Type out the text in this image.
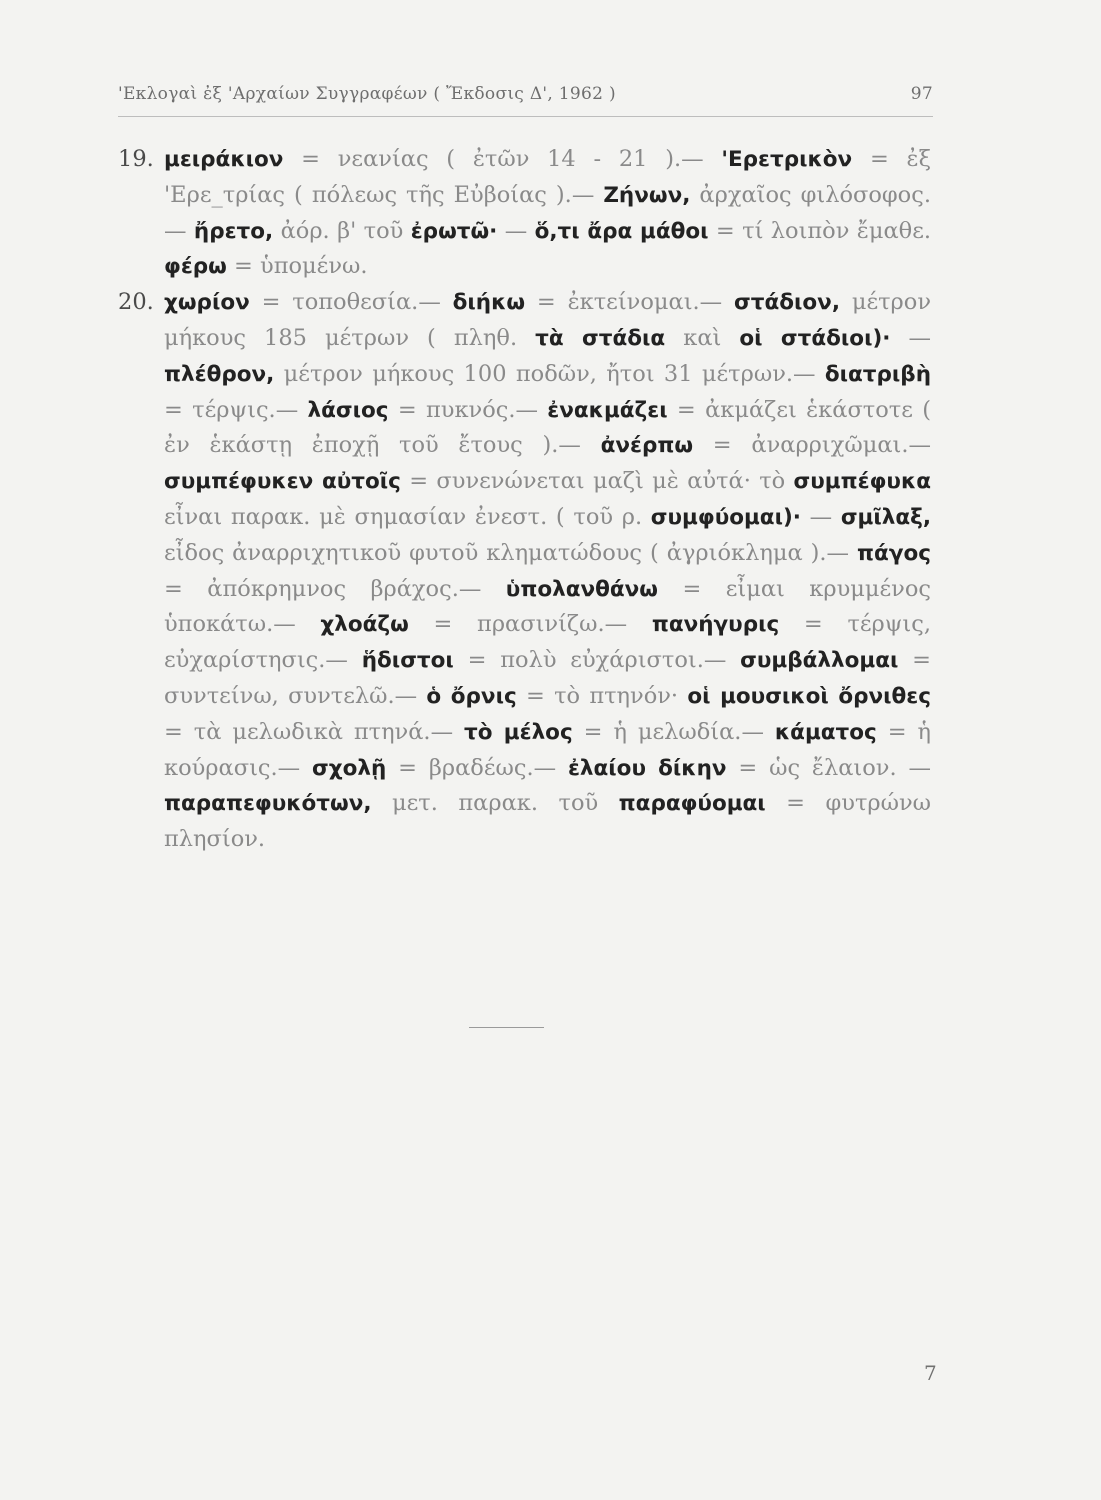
'Εκλογαὶ ἐξ 'Αρχαίων Συγγραφέων ( Ἔκδοσις Δ', 1962 )	97

19. μειράκιον = νεανίας ( ἐτῶν 14 - 21 ).— 'Ερετρικὸν = ἐξ 'Ερε_τρίας ( πόλεως τῆς Εὐβοίας ).— Ζήνων, ἀρχαῖος φιλόσοφος.— ἤρετο, ἀόρ. β' τοῦ ἐρωτῶ· — ὅ,τι ἄρα μάθοι = τί λοιπὸν ἔμαθε. φέρω = ὑπομένω.

20. χωρίον = τοποθεσία.— διήκω = ἐκτείνομαι.— στάδιον, μέτρον μήκους 185 μέτρων ( πληθ. τὰ στάδια καὶ οἱ στάδιοι)· — πλέθρον, μέτρον μήκους 100 ποδῶν, ἤτοι 31 μέτρων.— διατριβὴ = τέρψις.— λάσιος = πυκνός.— ἐνακμάζει = ἀκμάζει ἑκάστοτε ( ἐν ἑκάστῃ ἐποχῇ τοῦ ἔτους ).— ἀνέρπω = ἀναρριχῶμαι.— συμπέφυκεν αὐτοῖς = συνενώνεται μαζὶ μὲ αὐτά· τὸ συμπέφυκα εἶναι παρακ. μὲ σημασίαν ἐνεστ. ( τοῦ ρ. συμφύομαι)· — σμῖλαξ, εἶδος ἀναρριχητικοῦ φυτοῦ κληματώδους ( ἀγριόκλημα ).— πάγος = ἀπόκρημνος βράχος.— ὑπολανθάνω = εἶμαι κρυμμένος ὑποκάτω.— χλοάζω = πρασινίζω.— πανήγυρις = τέρψις, εὐχαρίστησις.— ἥδιστοι = πολὺ εὐχάριστοι.— συμβάλλομαι = συντείνω, συντελῶ.— ὁ ὄρνις = τὸ πτηνόν· οἱ μουσικοὶ ὄρνιθες = τὰ μελωδικὰ πτηνά.— τὸ μέλος = ἡ μελωδία.— κάματος = ἡ κούρασις.— σχολῇ = βραδέως.— ἐλαίου δίκην = ὡς ἔλαιον. — παραπεφυκότων, μετ. παρακ. τοῦ παραφύομαι = φυτρώνω πλησίον.

7
